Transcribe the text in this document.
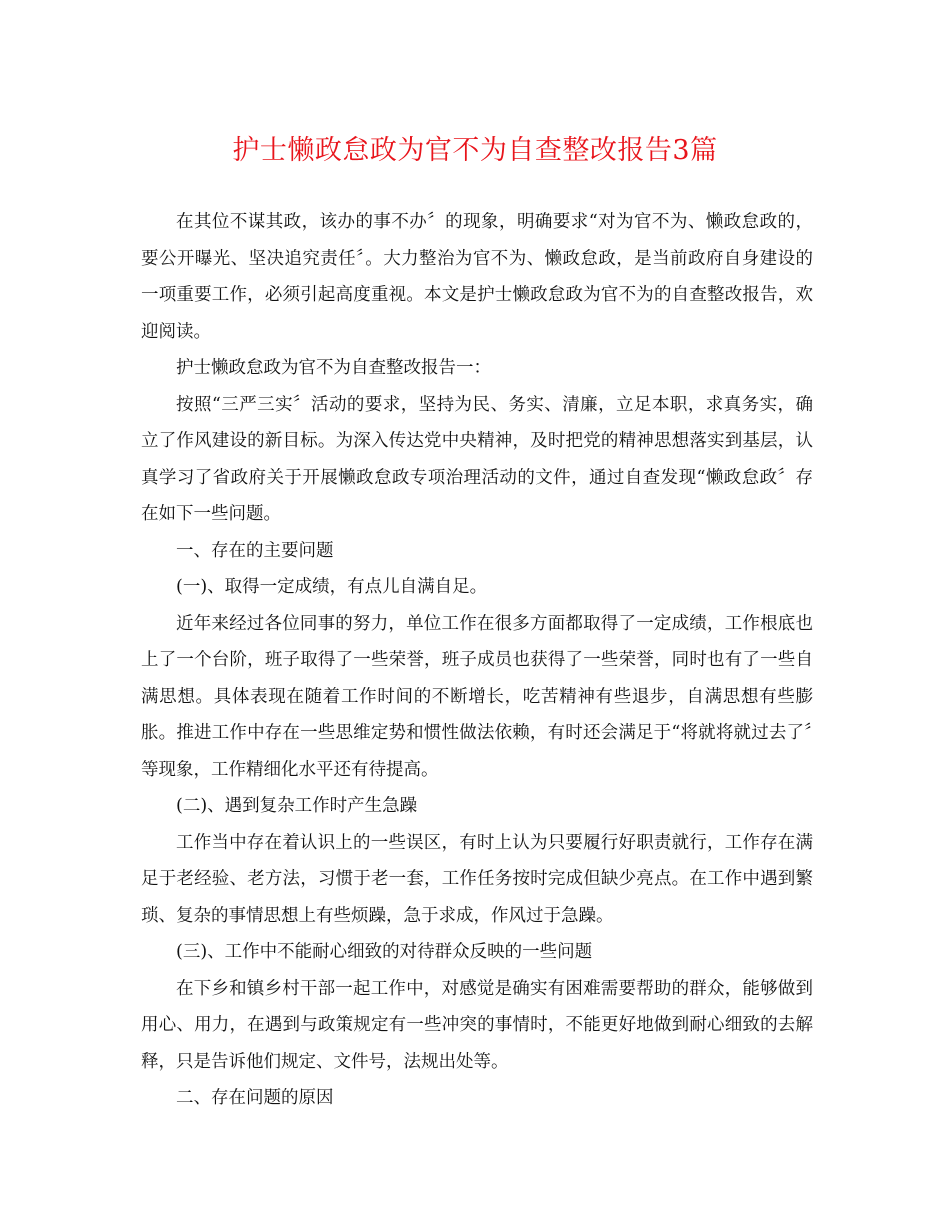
护士懒政怠政为官不为自查整改报告3篇

在其位不谋其政，该办的事不办〞的现象，明确要求“对为官不为、懒政怠政的，要公开曝光、坚决追究责任〞。大力整治为官不为、懒政怠政，是当前政府自身建设的一项重要工作，必须引起高度重视。本文是护士懒政怠政为官不为的自查整改报告，欢迎阅读。

护士懒政怠政为官不为自查整改报告一：

按照“三严三实〞活动的要求，坚持为民、务实、清廉，立足本职，求真务实，确立了作风建设的新目标。为深入传达党中央精神，及时把党的精神思想落实到基层，认真学习了省政府关于开展懒政怠政专项治理活动的文件，通过自查发现“懒政怠政〞存在如下一些问题。

一、存在的主要问题

(一)、取得一定成绩，有点儿自满自足。

近年来经过各位同事的努力，单位工作在很多方面都取得了一定成绩，工作根底也上了一个台阶，班子取得了一些荣誉，班子成员也获得了一些荣誉，同时也有了一些自满思想。具体表现在随着工作时间的不断增长，吃苦精神有些退步，自满思想有些膨胀。推进工作中存在一些思维定势和惯性做法依赖，有时还会满足于“将就将就过去了〞等现象，工作精细化水平还有待提高。

(二)、遇到复杂工作时产生急躁

工作当中存在着认识上的一些误区，有时上认为只要履行好职责就行，工作存在满足于老经验、老方法，习惯于老一套，工作任务按时完成但缺少亮点。在工作中遇到繁琐、复杂的事情思想上有些烦躁，急于求成，作风过于急躁。

(三)、工作中不能耐心细致的对待群众反映的一些问题

在下乡和镇乡村干部一起工作中，对感觉是确实有困难需要帮助的群众，能够做到用心、用力，在遇到与政策规定有一些冲突的事情时，不能更好地做到耐心细致的去解释，只是告诉他们规定、文件号，法规出处等。

二、存在问题的原因
